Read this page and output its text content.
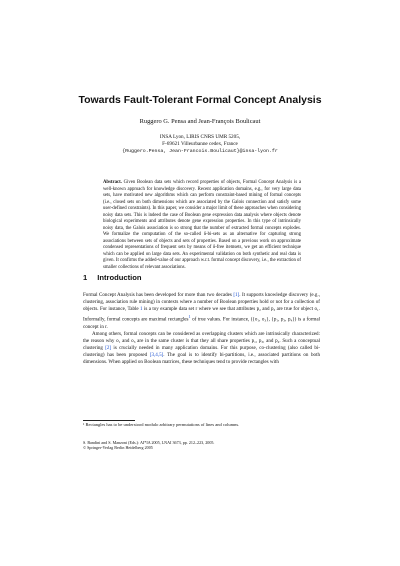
Towards Fault-Tolerant Formal Concept Analysis
Ruggero G. Pensa and Jean-François Boulicaut
INSA Lyon, LIRIS CNRS UMR 5205,
F-69621 Villeurbanne cedex, France
{Ruggero.Pensa, Jean-Francois.Boulicaut}@insa-lyon.fr
Abstract. Given Boolean data sets which record properties of objects, Formal Concept Analysis is a well-known approach for knowledge discovery. Recent application domains, e.g., for very large data sets, have motivated new algorithms which can perform constraint-based mining of formal concepts (i.e., closed sets on both dimensions which are associated by the Galois connection and satisfy some user-defined constraints). In this paper, we consider a major limit of these approaches when considering noisy data sets. This is indeed the case of Boolean gene expression data analysis where objects denote biological experiments and attributes denote gene expression properties. In this type of intrinsically noisy data, the Galois association is so strong that the number of extracted formal concepts explodes. We formalize the computation of the so-called δ-bi-sets as an alternative for capturing strong associations between sets of objects and sets of properties. Based on a previous work on approximate condensed representations of frequent sets by means of δ-free itemsets, we get an efficient technique which can be applied on large data sets. An experimental validation on both synthetic and real data is given. It confirms the added-value of our approach w.r.t. formal concept discovery, i.e., the extraction of smaller collections of relevant associations.
1 Introduction

Formal Concept Analysis has been developed for more than two decades [1]. It supports knowledge discovery (e.g., clustering, association rule mining) in contexts where a number of Boolean properties hold or not for a collection of objects. For instance, Table 1 is a toy example data set r where we see that attributes p₂ and p₃ are true for object o₁. Informally, formal concepts are maximal rectangles$^1$ of true values. For instance, ({o₁, o₃}, {p₁, p₃, p₄}) is a formal concept in r.

Among others, formal concepts can be considered as overlapping clusters which are intrinsically characterized: the reason why o₁ and o₃ are in the same cluster is that they all share properties p₁, p₃, and p₄. Such a conceptual clustering [2] is crucially needed in many application domains. For this purpose, co-clustering (also called bi-clustering) has been proposed [3,4,5]. The goal is to identify bi-partitions, i.e., associated partitions on both dimensions. When applied on Boolean matrices, these techniques tend to provide rectangles with

¹ Rectangles has to be understood modulo arbitrary permutations of lines and columns.
S. Bandini and S. Manzoni (Eds.): AI*IA 2005, LNAI 3673, pp. 212–223, 2005.
© Springer-Verlag Berlin Heidelberg 2005
